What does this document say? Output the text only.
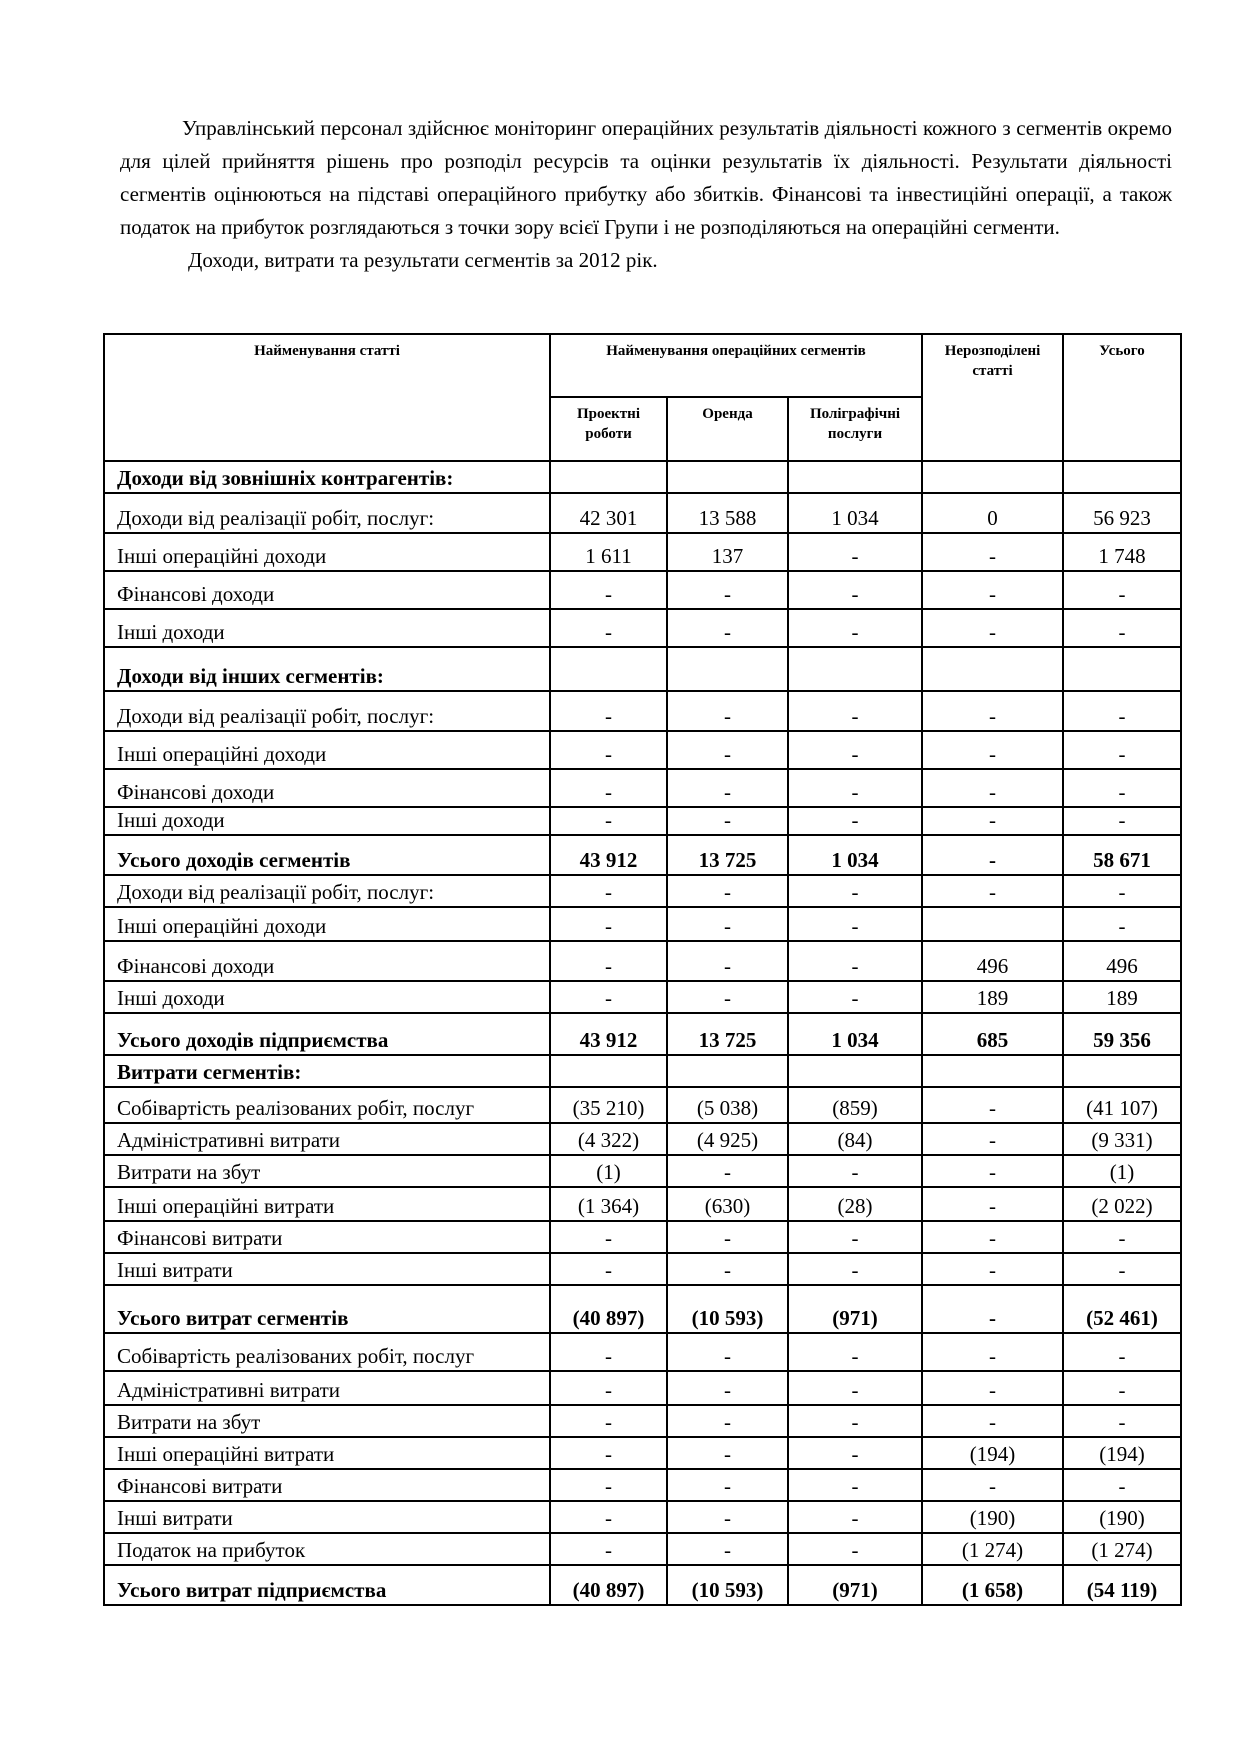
Управлінський персонал здійснює моніторинг операційних результатів діяльності кожного з сегментів окремо для цілей прийняття рішень про розподіл ресурсів та оцінки результатів їх діяльності. Результати діяльності сегментів оцінюються на підставі операційного прибутку або збитків. Фінансові та інвестиційні операції, а також податок на прибуток розглядаються з точки зору всієї Групи і не розподіляються на операційні сегменти.

Доходи, витрати та результати сегментів за 2012 рік.

Найменування статті	Найменування операційних сегментів			Нерозподілені статті	Усього
	Проектні роботи	Оренда	Поліграфічні послуги		
Доходи від зовнішніх контрагентів:					
Доходи від реалізації робіт, послуг:	42 301	13 588	1 034	0	56 923
Інші операційні доходи	1 611	137	-	-	1 748
Фінансові доходи	-	-	-	-	-
Інші доходи	-	-	-	-	-
Доходи від інших сегментів:					
Доходи від реалізації робіт, послуг:	-	-	-	-	-
Інші операційні доходи	-	-	-	-	-
Фінансові доходи	-	-	-	-	-
Інші доходи	-	-	-	-	-
Усього доходів сегментів	43 912	13 725	1 034	-	58 671
Доходи від реалізації робіт, послуг:	-	-	-	-	-
Інші операційні доходи	-	-	-		-
Фінансові доходи	-	-	-	496	496
Інші доходи	-	-	-	189	189
Усього доходів підприємства	43 912	13 725	1 034	685	59 356
Витрати сегментів:					
Собівартість реалізованих робіт, послуг	(35 210)	(5 038)	(859)	-	(41 107)
Адміністративні витрати	(4 322)	(4 925)	(84)	-	(9 331)
Витрати на збут	(1)	-	-	-	(1)
Інші операційні витрати	(1 364)	(630)	(28)	-	(2 022)
Фінансові витрати	-	-	-	-	-
Інші витрати	-	-	-	-	-
Усього витрат сегментів	(40 897)	(10 593)	(971)	-	(52 461)
Собівартість реалізованих робіт, послуг	-	-	-	-	-
Адміністративні витрати	-	-	-	-	-
Витрати на збут	-	-	-	-	-
Інші операційні витрати	-	-	-	(194)	(194)
Фінансові витрати	-	-	-	-	-
Інші витрати	-	-	-	(190)	(190)
Податок на прибуток	-	-	-	(1 274)	(1 274)
Усього витрат підприємства	(40 897)	(10 593)	(971)	(1 658)	(54 119)
